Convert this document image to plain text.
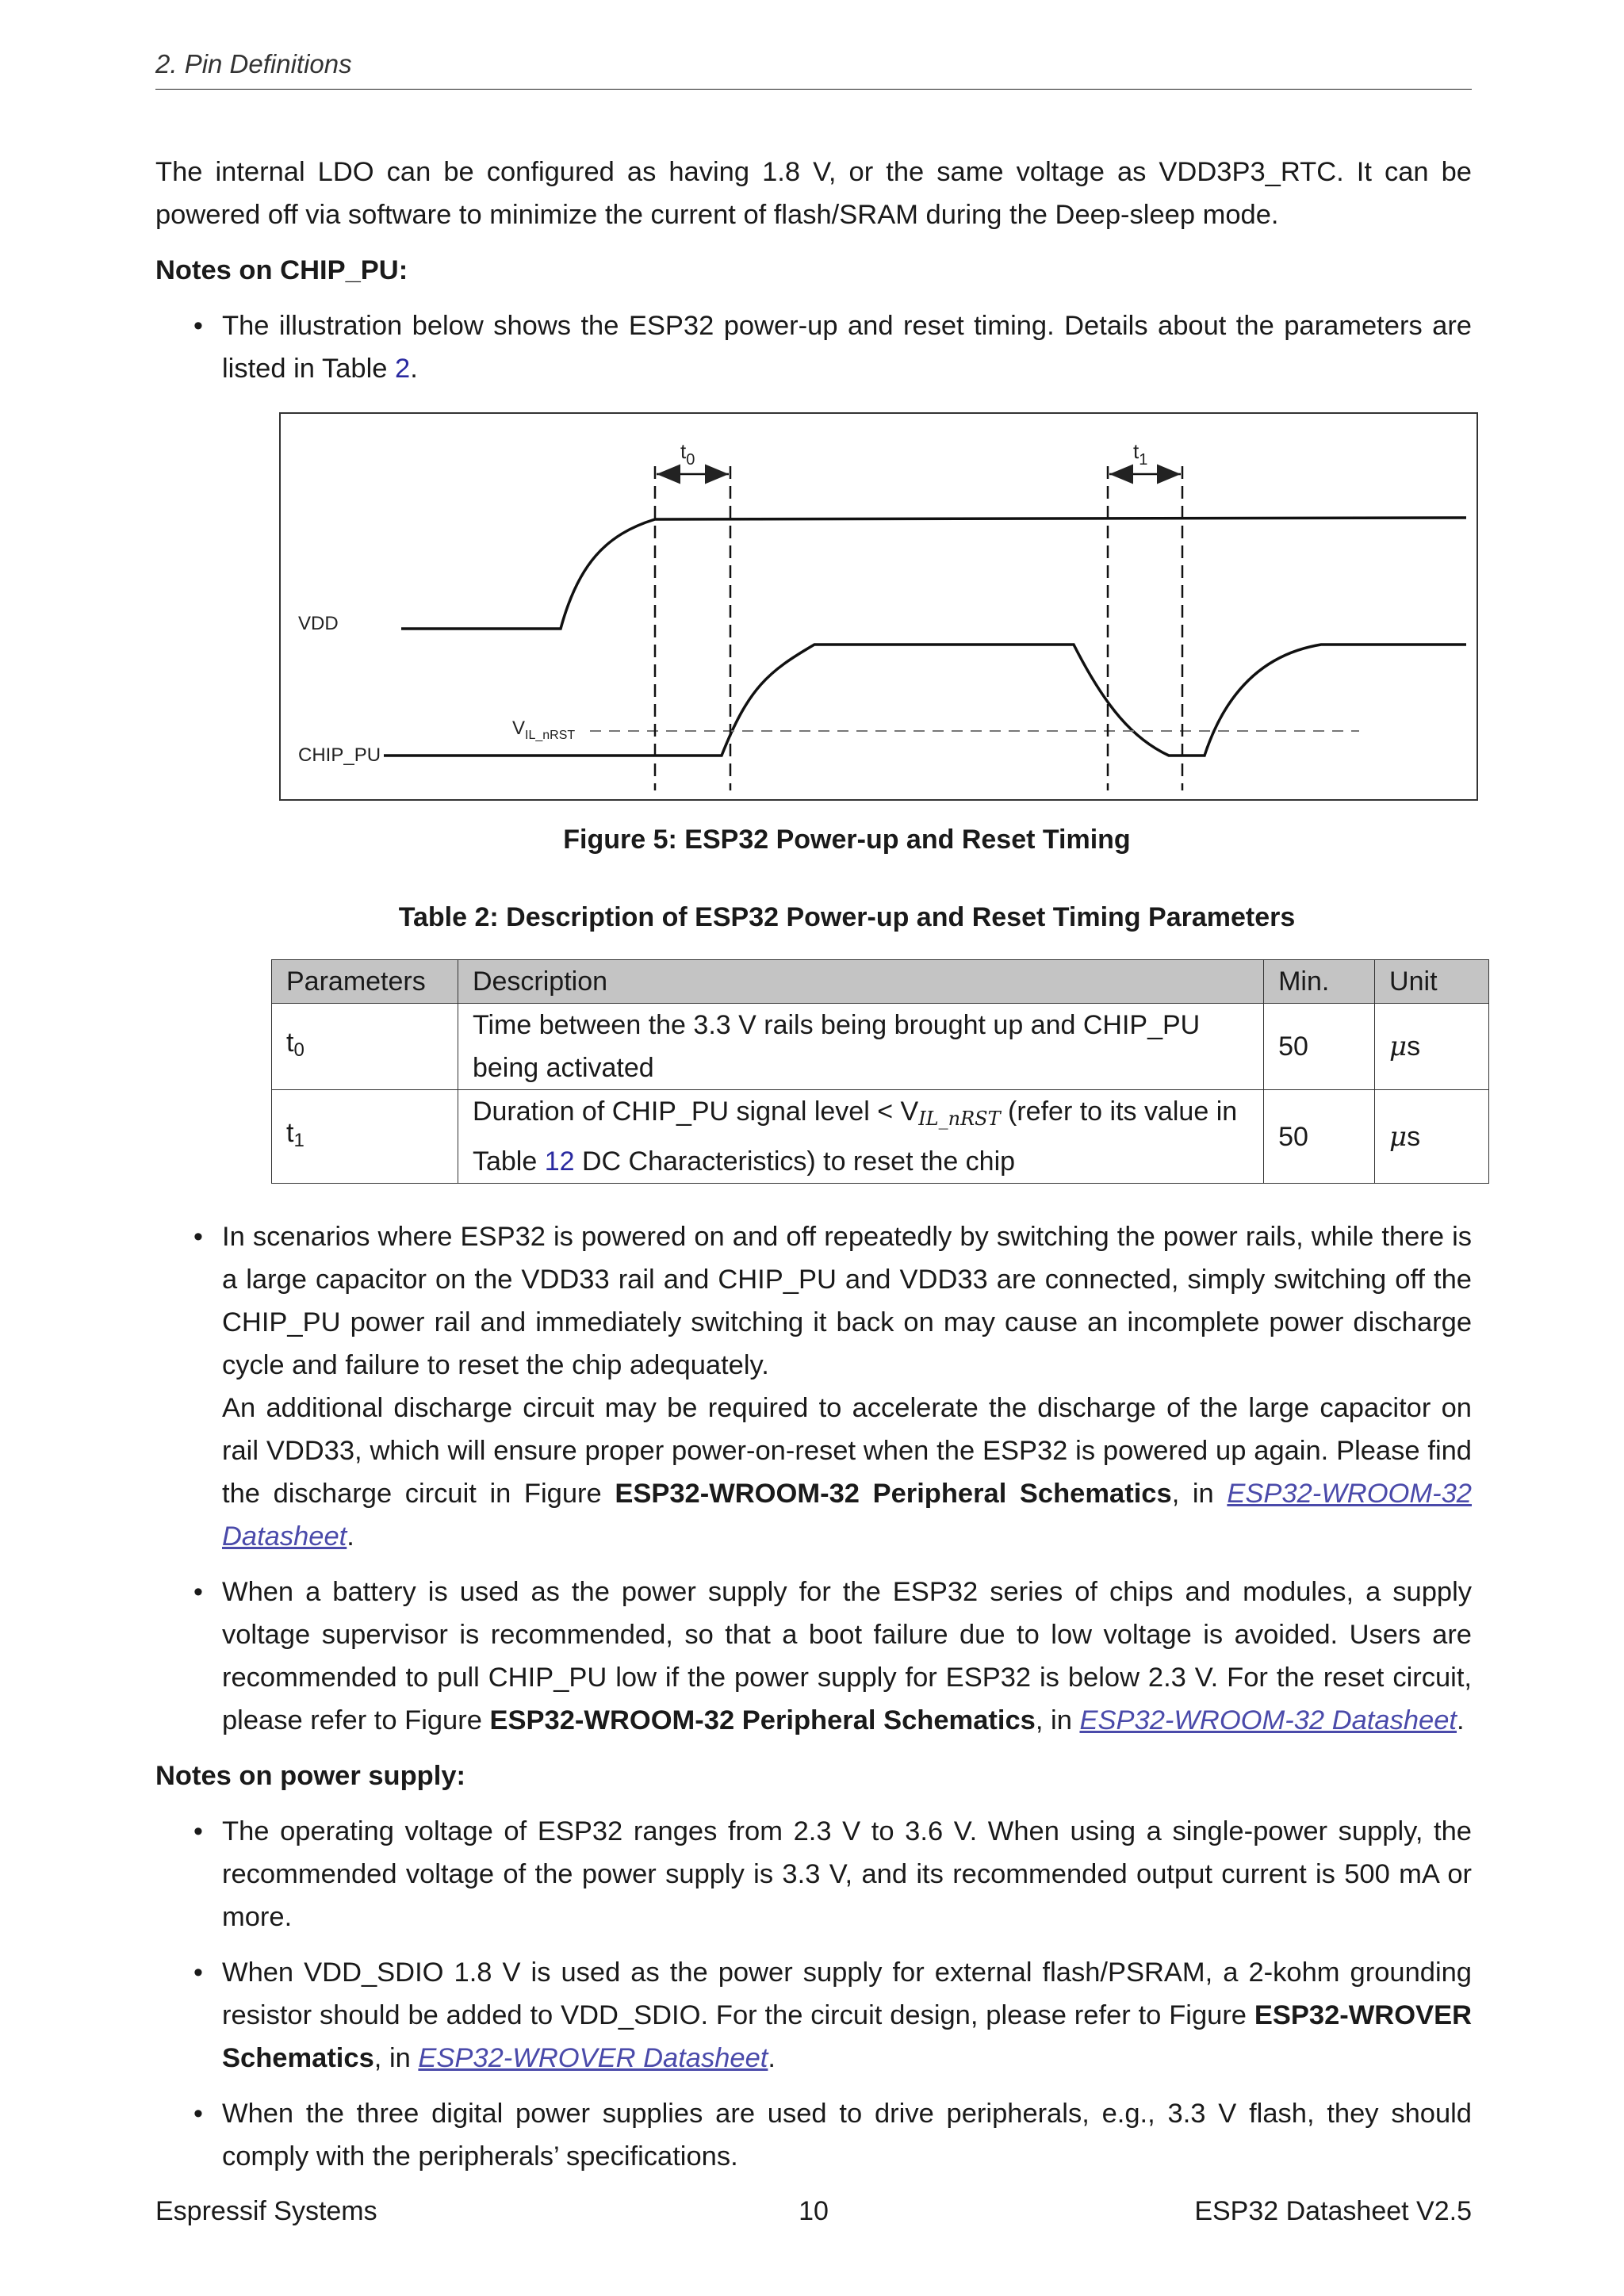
2. Pin Definitions

The internal LDO can be configured as having 1.8 V, or the same voltage as VDD3P3_RTC. It can be powered off via software to minimize the current of flash/SRAM during the Deep-sleep mode.

Notes on CHIP_PU:
• The illustration below shows the ESP32 power-up and reset timing. Details about the parameters are listed in Table 2.
$t_0$	$t_1$
VDD
CHIP_PU
$V_{IL\_nRST}$
Figure 5: ESP32 Power-up and Reset Timing
Table 2: Description of ESP32 Power-up and Reset Timing Parameters
Parameters	Description	Min.	Unit
$t_0$	Time between the 3.3 V rails being brought up and CHIP_PU being activated	50	μs
$t_1$	Duration of CHIP_PU signal level < $V_{IL\_nRST}$ (refer to its value in Table 12 DC Characteristics) to reset the chip	50	μs

• In scenarios where ESP32 is powered on and off repeatedly by switching the power rails, while there is a large capacitor on the VDD33 rail and CHIP_PU and VDD33 are connected, simply switching off the CHIP_PU power rail and immediately switching it back on may cause an incomplete power discharge cycle and failure to reset the chip adequately.

An additional discharge circuit may be required to accelerate the discharge of the large capacitor on rail VDD33, which will ensure proper power-on-reset when the ESP32 is powered up again. Please find the discharge circuit in Figure ESP32-WROOM-32 Peripheral Schematics, in ESP32-WROOM-32 Datasheet.

• When a battery is used as the power supply for the ESP32 series of chips and modules, a supply voltage supervisor is recommended, so that a boot failure due to low voltage is avoided. Users are recommended to pull CHIP_PU low if the power supply for ESP32 is below 2.3 V. For the reset circuit, please refer to Figure ESP32-WROOM-32 Peripheral Schematics, in ESP32-WROOM-32 Datasheet.
Notes on power supply:
• The operating voltage of ESP32 ranges from 2.3 V to 3.6 V. When using a single-power supply, the recommended voltage of the power supply is 3.3 V, and its recommended output current is 500 mA or more.
• When VDD_SDIO 1.8 V is used as the power supply for external flash/PSRAM, a 2-kohm grounding resistor should be added to VDD_SDIO. For the circuit design, please refer to Figure ESP32-WROVER Schematics, in ESP32-WROVER Datasheet.
• When the three digital power supplies are used to drive peripherals, e.g., 3.3 V flash, they should comply with the peripherals’ specifications.
Espressif Systems	10	ESP32 Datasheet V2.5
